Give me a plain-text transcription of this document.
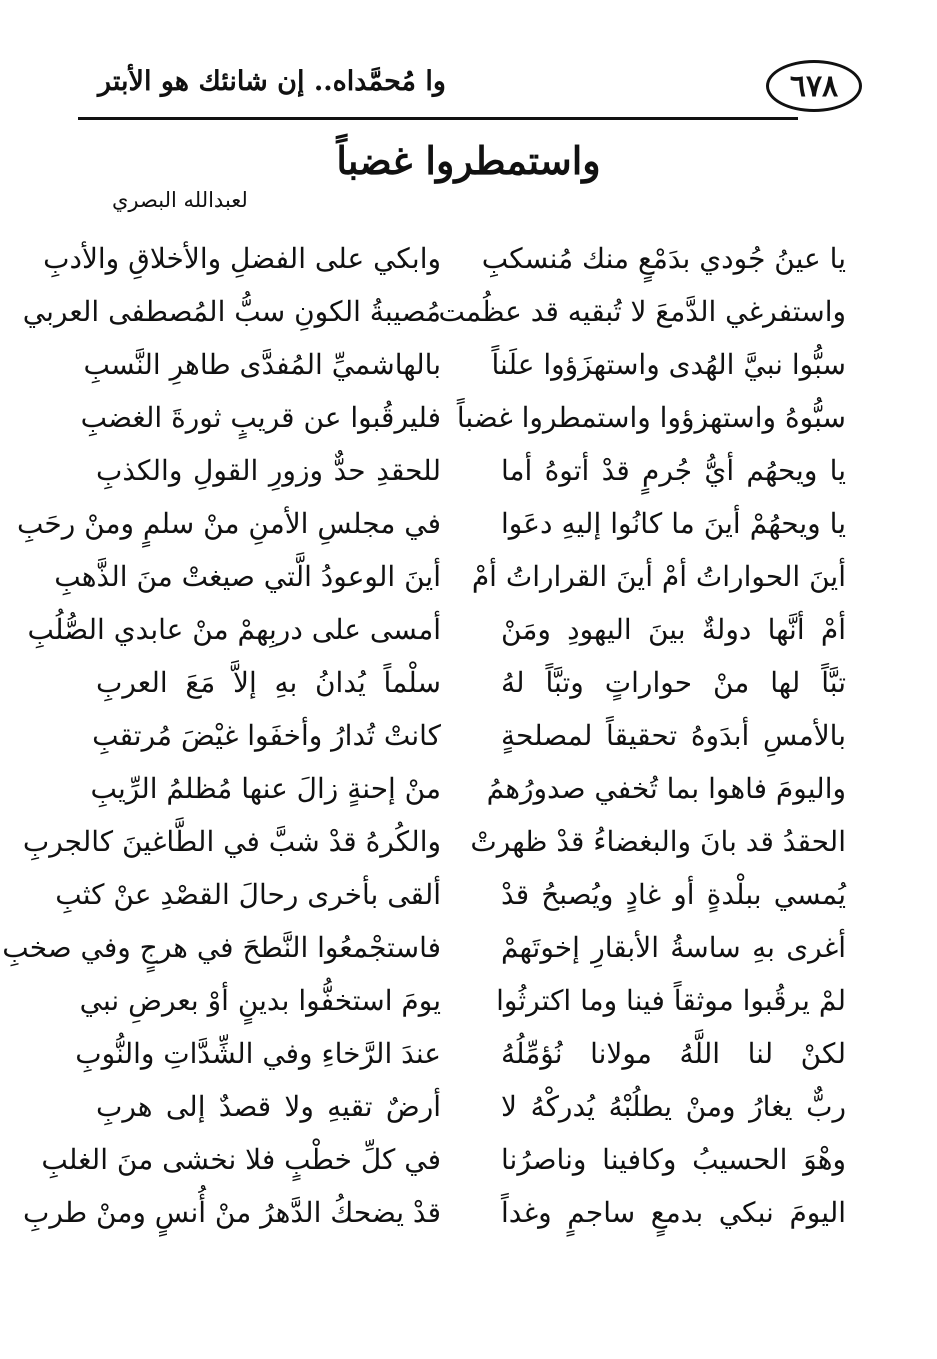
وا مُحمَّداه.. إن شانئك هو الأبتر	٦٧٨
واستمطروا غضباً
لعبدالله البصري
يا عينُ جُودي بدَمْعٍ منك مُنسكبِ
وابكي على الفضلِ والأخلاقِ والأدبِ
واستفرغي الدَّمعَ لا تُبقيه قد عظُمت
مُصيبةُ الكونِ سبُّ المُصطفى العربي
سبُّوا نبيَّ الهُدى واستهزَؤوا علَناً
بالهاشميِّ المُفدَّى طاهرِ النَّسبِ
سبُّوهُ واستهزؤوا واستمطروا غضباً
فليرقُبوا عن قريبٍ ثورةَ الغضبِ
يا ويحهُم أيُّ جُرمٍ قدْ أتوهُ أما
للحقدِ حدٌّ وزورِ القولِ والكذبِ
يا ويحهُمْ أينَ ما كانُوا إليهِ دعَوا
في مجلسِ الأمنِ منْ سلمٍ ومنْ رحَبِ
أينَ الحواراتُ أمْ أينَ القراراتُ أمْ
أينَ الوعودُ الَّتي صيغتْ منَ الذَّهبِ
أمْ أنَّها دولةٌ بينَ اليهودِ ومَنْ
أمسى على دربِهمْ منْ عابدي الصُّلُبِ
تبَّاً لها منْ حواراتٍ وتبَّاً لهُ
سلْماً يُدانُ بهِ إلاَّ مَعَ العربِ
بالأمسِ أبدَوهُ تحقيقاً لمصلحةٍ
كانتْ تُدارُ وأخفَوا غيْضَ مُرتقبِ
واليومَ فاهوا بما تُخفي صدورُهمُ
منْ إحنةٍ زالَ عنها مُظلمُ الرِّيبِ
الحقدُ قد بانَ والبغضاءُ قدْ ظهرتْ
والكُرهُ قدْ شبَّ في الطَّاغينَ كالجربِ
يُمسي ببلْدةٍ أو غادٍ ويُصبحُ قدْ
ألقى بأخرى رحالَ القصْدِ عنْ كثبِ
أغرى بهِ ساسةُ الأبقارِ إخوتَهمْ
فاستجْمعُوا النَّطحَ في هرجٍ وفي صخبِ
لمْ يرقُبوا موثقاً فينا وما اكترثُوا
يومَ استخفُّوا بدينٍ أوْ بعرضِ نبي
لكنْ لنا اللَّهُ مولانا نُؤمِّلُهُ
عندَ الرَّخاءِ وفي الشِّدَّاتِ والنُّوبِ
ربٌّ يغارُ ومنْ يطلُبْهُ يُدركْهُ لا
أرضٌ تقيهِ ولا قصدٌ إلى هربِ
وهْوَ الحسيبُ وكافينا وناصرُنا
في كلِّ خطْبٍ فلا نخشى منَ الغلبِ
اليومَ نبكي بدمعٍ ساجمٍ وغداً
قدْ يضحكُ الدَّهرُ منْ أُنسٍ ومنْ طربِ
